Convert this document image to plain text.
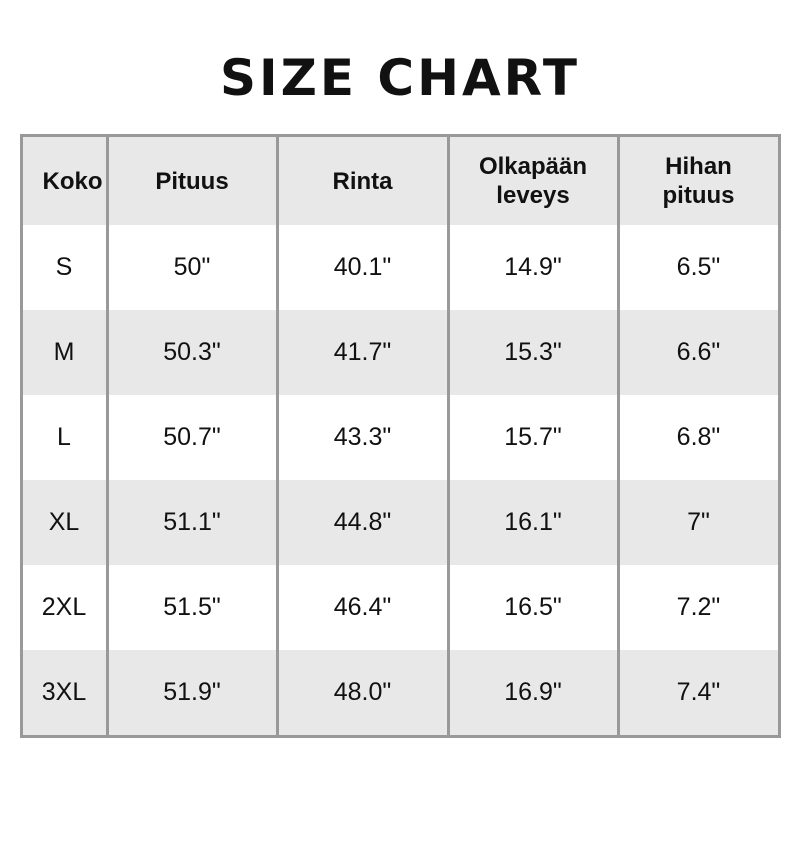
SIZE CHART
Koko	Pituus	Rinta	Olkapään leveys	Hihan pituus
S	50"	40.1"	14.9"	6.5"
M	50.3"	41.7"	15.3"	6.6"
L	50.7"	43.3"	15.7"	6.8"
XL	51.1"	44.8"	16.1"	7"
2XL	51.5"	46.4"	16.5"	7.2"
3XL	51.9"	48.0"	16.9"	7.4"
